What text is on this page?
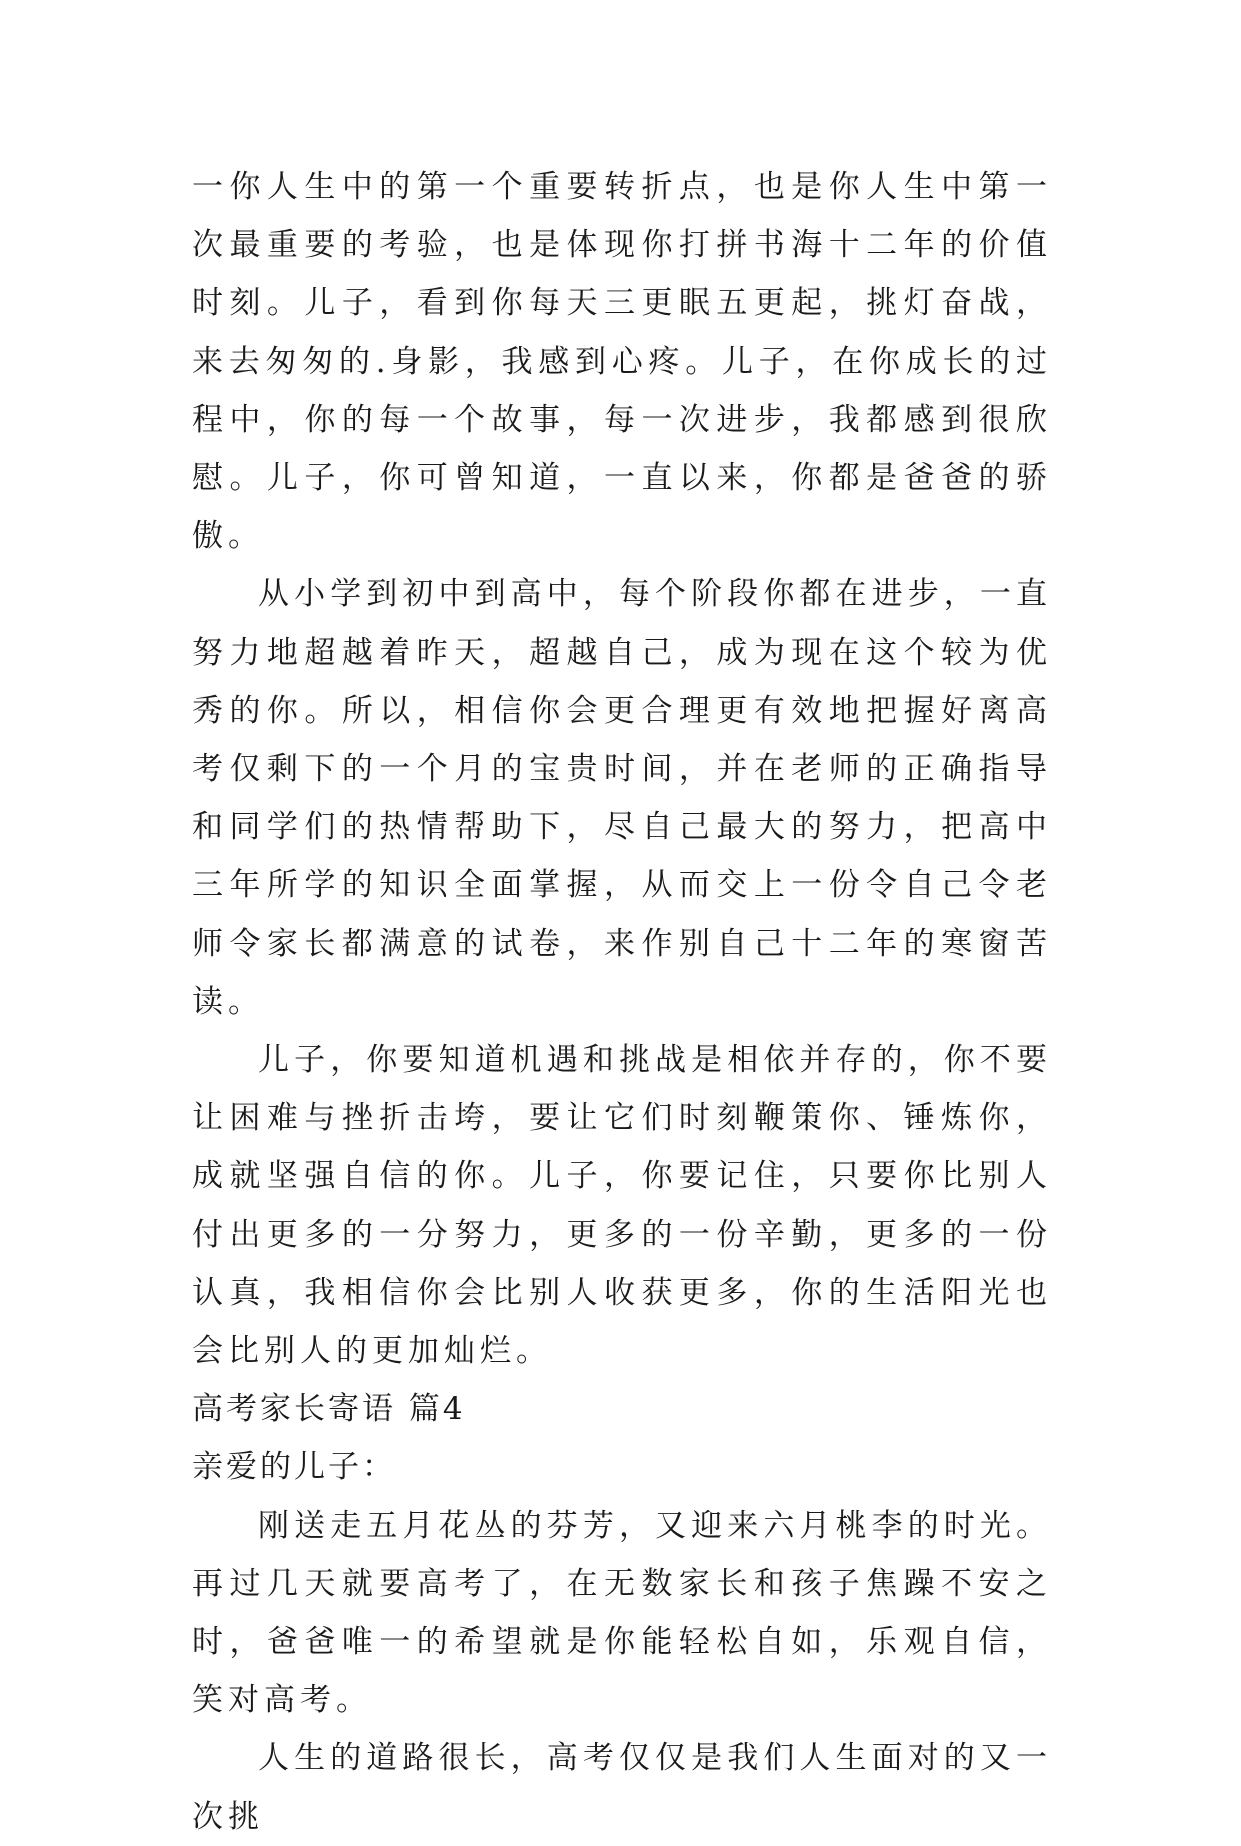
一你人生中的第一个重要转折点，也是你人生中第一次最重要的考验，也是体现你打拼书海十二年的价值时刻。儿子，看到你每天三更眠五更起，挑灯奋战，来去匆匆的.身影，我感到心疼。儿子，在你成长的过程中，你的每一个故事，每一次进步，我都感到很欣慰。儿子，你可曾知道，一直以来，你都是爸爸的骄傲。

从小学到初中到高中，每个阶段你都在进步，一直努力地超越着昨天，超越自己，成为现在这个较为优秀的你。所以，相信你会更合理更有效地把握好离高考仅剩下的一个月的宝贵时间，并在老师的正确指导和同学们的热情帮助下，尽自己最大的努力，把高中三年所学的知识全面掌握，从而交上一份令自己令老师令家长都满意的试卷，来作别自己十二年的寒窗苦读。

儿子，你要知道机遇和挑战是相依并存的，你不要让困难与挫折击垮，要让它们时刻鞭策你、锤炼你，成就坚强自信的你。儿子，你要记住，只要你比别人付出更多的一分努力，更多的一份辛勤，更多的一份认真，我相信你会比别人收获更多，你的生活阳光也会比别人的更加灿烂。

高考家长寄语 篇4

亲爱的儿子：

刚送走五月花丛的芬芳，又迎来六月桃李的时光。再过几天就要高考了，在无数家长和孩子焦躁不安之时，爸爸唯一的希望就是你能轻松自如，乐观自信，笑对高考。

人生的道路很长，高考仅仅是我们人生面对的又一次挑
